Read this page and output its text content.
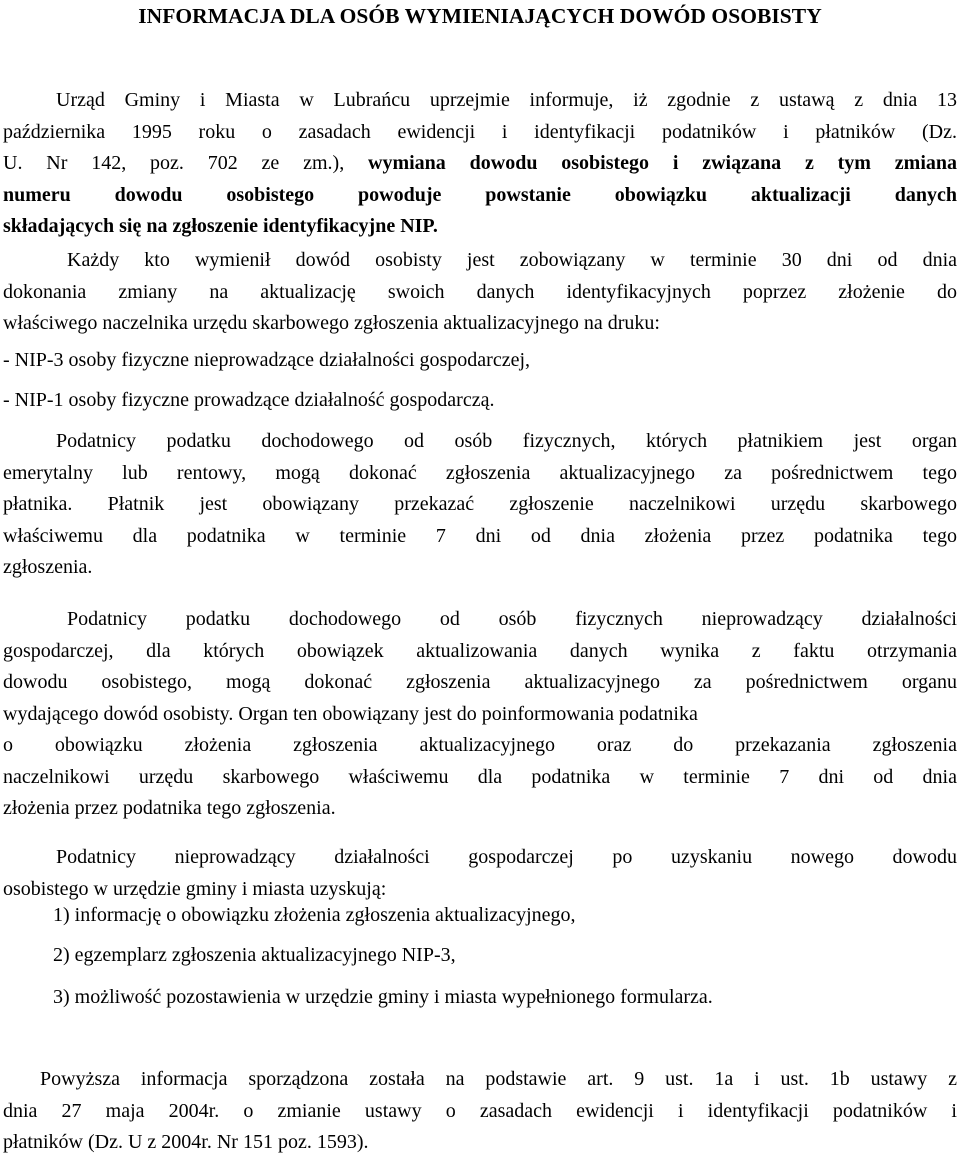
INFORMACJA DLA OSÓB WYMIENIAJĄCYCH DOWÓD OSOBISTY
Urząd Gminy i Miasta w Lubrańcu uprzejmie informuje, iż zgodnie z ustawą z dnia 13
października 1995 roku o zasadach ewidencji i identyfikacji podatników i płatników (Dz.
U. Nr 142, poz. 702 ze zm.), wymiana dowodu osobistego i związana z tym zmiana
numeru dowodu osobistego powoduje powstanie obowiązku aktualizacji danych
składających się na zgłoszenie identyfikacyjne NIP.
Każdy kto wymienił dowód osobisty jest zobowiązany w terminie 30 dni od dnia
dokonania zmiany na aktualizację swoich danych identyfikacyjnych poprzez złożenie do
właściwego naczelnika urzędu skarbowego zgłoszenia aktualizacyjnego na druku:
- NIP-3 osoby fizyczne nieprowadzące działalności gospodarczej,
- NIP-1 osoby fizyczne prowadzące działalność gospodarczą.
Podatnicy podatku dochodowego od osób fizycznych, których płatnikiem jest organ
emerytalny lub rentowy, mogą dokonać zgłoszenia aktualizacyjnego za pośrednictwem tego
płatnika. Płatnik jest obowiązany przekazać zgłoszenie naczelnikowi urzędu skarbowego
właściwemu dla podatnika w terminie 7 dni od dnia złożenia przez podatnika tego
zgłoszenia.
Podatnicy podatku dochodowego od osób fizycznych nieprowadzący działalności
gospodarczej, dla których obowiązek aktualizowania danych wynika z faktu otrzymania
dowodu osobistego, mogą dokonać zgłoszenia aktualizacyjnego za pośrednictwem organu
wydającego dowód osobisty. Organ ten obowiązany jest do poinformowania podatnika
o obowiązku złożenia zgłoszenia aktualizacyjnego oraz do przekazania zgłoszenia
naczelnikowi urzędu skarbowego właściwemu dla podatnika w terminie 7 dni od dnia
złożenia przez podatnika tego zgłoszenia.
Podatnicy nieprowadzący działalności gospodarczej po uzyskaniu nowego dowodu
osobistego w urzędzie gminy i miasta uzyskują:
1) informację o obowiązku złożenia zgłoszenia aktualizacyjnego,
2) egzemplarz zgłoszenia aktualizacyjnego NIP-3,
3) możliwość pozostawienia w urzędzie gminy i miasta wypełnionego formularza.
Powyższa informacja sporządzona została na podstawie art. 9 ust. 1a i ust. 1b ustawy z
dnia 27 maja 2004r. o zmianie ustawy o zasadach ewidencji i identyfikacji podatników i
płatników (Dz. U z 2004r. Nr 151 poz. 1593).
